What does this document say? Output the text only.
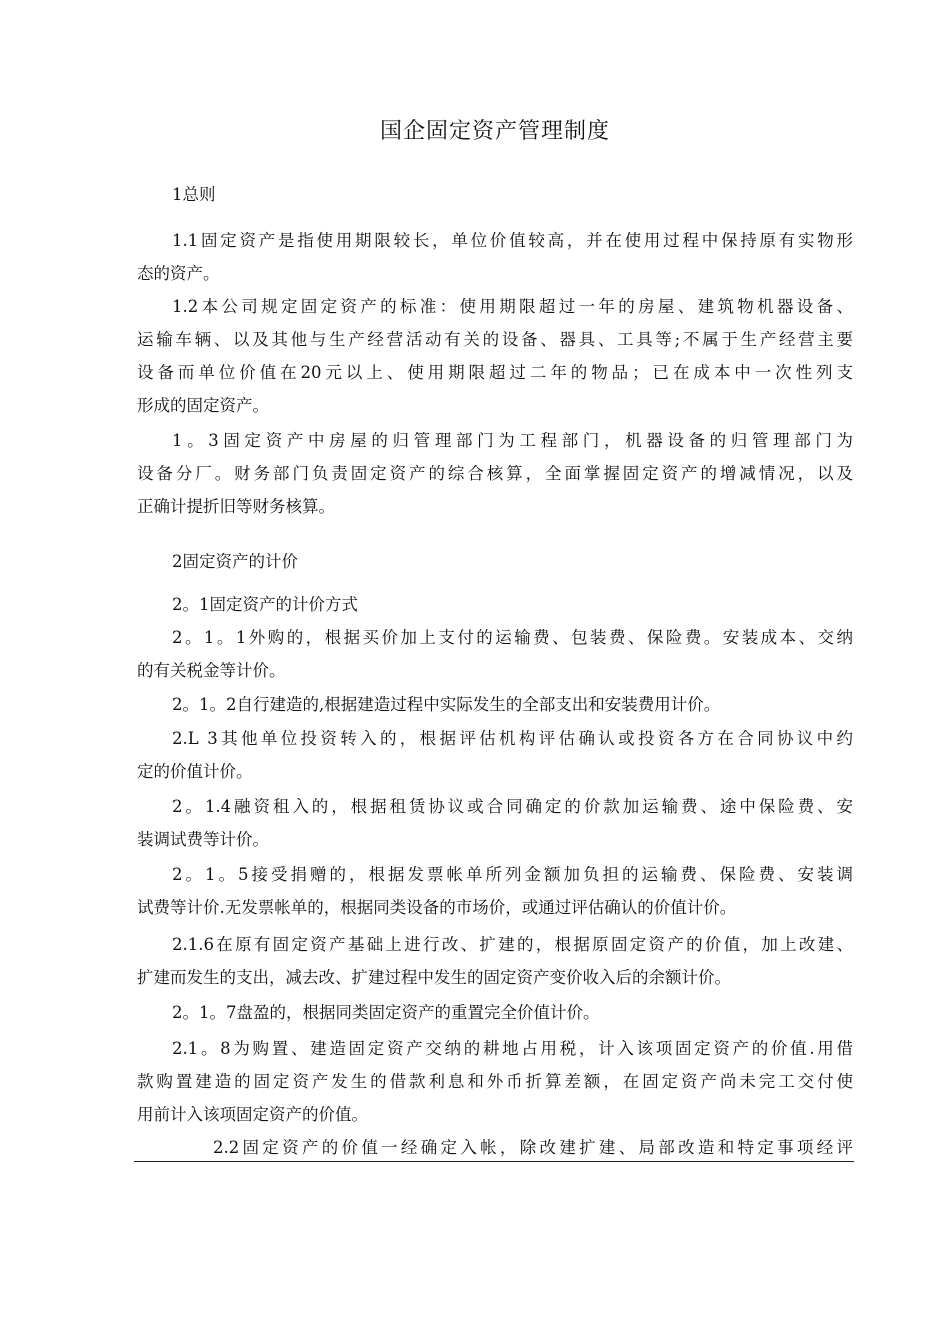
国企固定资产管理制度
1总则
1.1固定资产是指使用期限较长，单位价值较高，并在使用过程中保持原有实物形
态的资产。
1.2本公司规定固定资产的标准：使用期限超过一年的房屋、建筑物机器设备、
运输车辆、以及其他与生产经营活动有关的设备、器具、工具等;不属于生产经营主要
设备而单位价值在20元以上、使用期限超过二年的物品；已在成本中一次性列支
形成的固定资产。
1。3固定资产中房屋的归管理部门为工程部门，机器设备的归管理部门为
设备分厂。财务部门负责固定资产的综合核算，全面掌握固定资产的增减情况，以及
正确计提折旧等财务核算。
2固定资产的计价
2。1固定资产的计价方式
2。1。1外购的，根据买价加上支付的运输费、包装费、保险费。安装成本、交纳
的有关税金等计价。
2。1。2自行建造的,根据建造过程中实际发生的全部支出和安装费用计价。
2.L 3其他单位投资转入的，根据评估机构评估确认或投资各方在合同协议中约
定的价值计价。
2。1.4融资租入的，根据租赁协议或合同确定的价款加运输费、途中保险费、安
装调试费等计价。
2。1。5接受捐赠的，根据发票帐单所列金额加负担的运输费、保险费、安装调
试费等计价.无发票帐单的，根据同类设备的市场价，或通过评估确认的价值计价。
2.1.6在原有固定资产基础上进行改、扩建的，根据原固定资产的价值，加上改建、
扩建而发生的支出，减去改、扩建过程中发生的固定资产变价收入后的余额计价。
2。1。7盘盈的，根据同类固定资产的重置完全价值计价。
2.1。8为购置、建造固定资产交纳的耕地占用税，计入该项固定资产的价值.用借
款购置建造的固定资产发生的借款利息和外币折算差额，在固定资产尚未完工交付使
用前计入该项固定资产的价值。
2.2固定资产的价值一经确定入帐，除改建扩建、局部改造和特定事项经评
